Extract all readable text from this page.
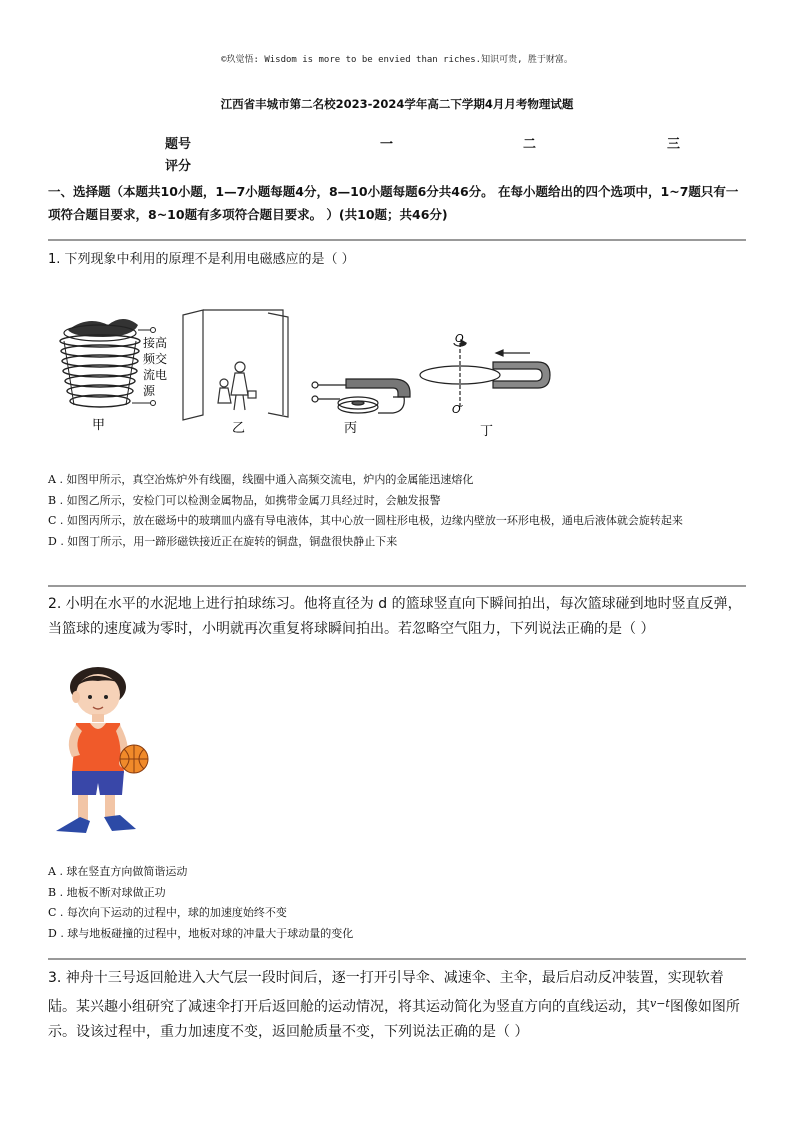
©玖觉悟: Wisdom is more to be envied than riches.知识可贵, 胜于财富。
江西省丰城市第二名校2023-2024学年高二下学期4月月考物理试题
题号	一	二	三
评分
一、选择题（本题共10小题，1—7小题每题4分，8—10小题每题6分共46分。 在每小题给出的四个选项中，1~7题只有一项符合题目要求，8~10题有多项符合题目要求。 ）(共10题；共46分)
1. 下列现象中利用的原理不是利用电磁感应的是（ ）
接高
频交
流电
源
O
O′
甲	乙	丙	丁
A . 如图甲所示，真空冶炼炉外有线圈，线圈中通入高频交流电，炉内的金属能迅速熔化
B . 如图乙所示，安检门可以检测金属物品，如携带金属刀具经过时，会触发报警
C . 如图丙所示，放在磁场中的玻璃皿内盛有导电液体，其中心放一圆柱形电极，边缘内壁放一环形电极，通电后液体就会旋转起来
D . 如图丁所示，用一蹄形磁铁接近正在旋转的铜盘，铜盘很快静止下来
2. 小明在水平的水泥地上进行拍球练习。他将直径为 d 的篮球竖直向下瞬间拍出，每次篮球碰到地时竖直反弹，当篮球的速度减为零时，小明就再次重复将球瞬间拍出。若忽略空气阻力，下列说法正确的是（ ）
A . 球在竖直方向做简谐运动
B . 地板不断对球做正功
C . 每次向下运动的过程中，球的加速度始终不变
D . 球与地板碰撞的过程中，地板对球的冲量大于球动量的变化
3. 神舟十三号返回舱进入大气层一段时间后，逐一打开引导伞、减速伞、主伞，最后启动反冲装置，实现软着陆。某兴趣小组研究了减速伞打开后返回舱的运动情况，将其运动简化为竖直方向的直线运动，其$^{v-t}$图像如图所示。设该过程中，重力加速度不变，返回舱质量不变，下列说法正确的是（ ）
